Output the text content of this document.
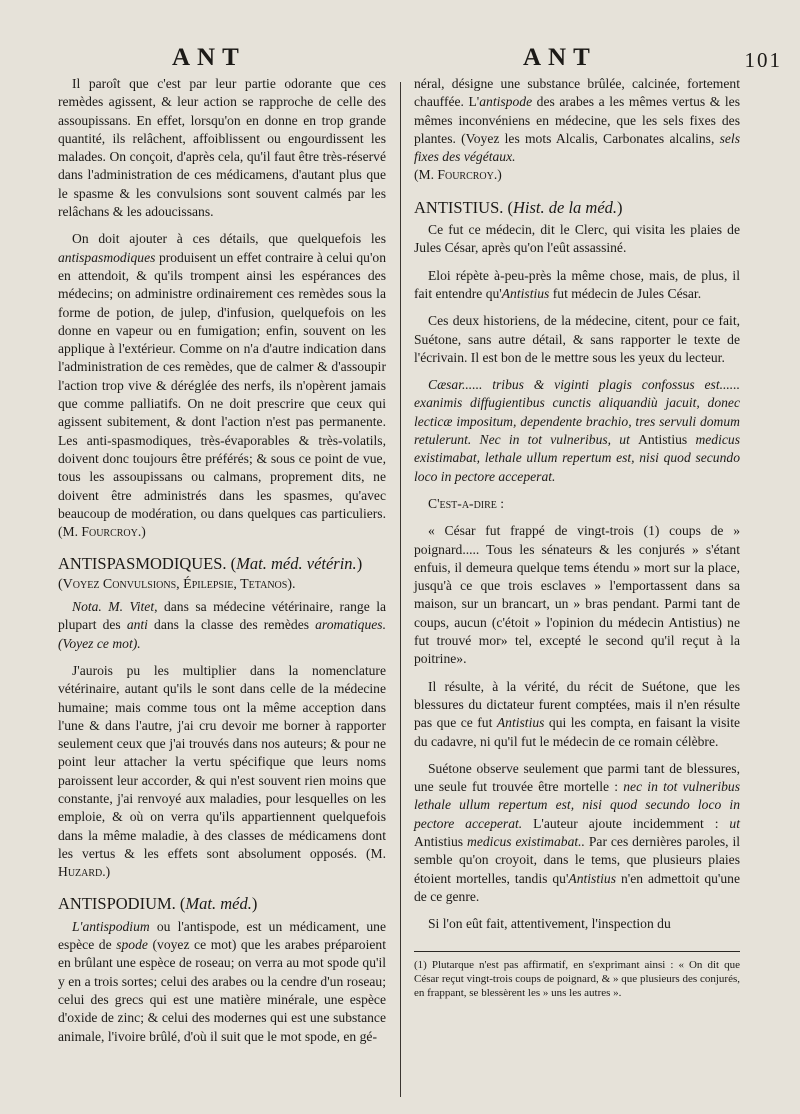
ANT	ANT	101

Il paroît que c'est par leur partie odorante que ces remèdes agissent, & leur action se rapproche de celle des assoupissans. En effet, lorsqu'on en donne en trop grande quantité, ils relâchent, affoiblissent ou engourdissent les malades. On conçoit, d'après cela, qu'il faut être très-réservé dans l'administration de ces médicamens, d'autant plus que le spasme & les convulsions sont souvent calmés par les relâchans & les adoucissans.

On doit ajouter à ces détails, que quelquefois les antispasmodiques produisent un effet contraire à celui qu'on en attendoit, & qu'ils trompent ainsi les espérances des médecins; on administre ordinairement ces remèdes sous la forme de potion, de julep, d'infusion, quelquefois on les donne en vapeur ou en fumigation; enfin, souvent on les applique à l'extérieur. Comme on n'a d'autre indication dans l'administration de ces remèdes, que de calmer & d'assoupir l'action trop vive & déréglée des nerfs, ils n'opèrent jamais que comme palliatifs. On ne doit prescrire que ceux qui agissent subitement, & dont l'action n'est pas permanente. Les anti-spasmodiques, très-évaporables & très-volatils, doivent donc toujours être préférés; & sous ce point de vue, tous les assoupissans ou calmans, proprement dits, ne doivent être administrés dans les spasmes, qu'avec beaucoup de modération, ou dans quelques cas particuliers. (M. Fourcroy.)

ANTISPASMODIQUES. (Mat. méd. vétérin.)
(Voyez Convulsions, Épilepsie, Tetanos).

Nota. M. Vitet, dans sa médecine vétérinaire, range la plupart des anti dans la classe des remèdes aromatiques. (Voyez ce mot).

J'aurois pu les multiplier dans la nomenclature vétérinaire, autant qu'ils le sont dans celle de la médecine humaine; mais comme tous ont la même acception dans l'une & dans l'autre, j'ai cru devoir me borner à rapporter seulement ceux que j'ai trouvés dans nos auteurs; & pour ne point leur attacher la vertu spécifique que leurs noms paroissent leur accorder, & qui n'est souvent rien moins que constante, j'ai renvoyé aux maladies, pour lesquelles on les emploie, & où on verra qu'ils appartiennent quelquefois dans la même maladie, à des classes de médicamens dont les vertus & les effets sont absolument opposés. (M. Huzard.)

ANTISPODIUM. (Mat. méd.)

L'antispodium ou l'antispode, est un médicament, une espèce de spode (voyez ce mot) que les arabes préparoient en brûlant une espèce de roseau; on verra au mot spode qu'il y en a trois sortes; celui des arabes ou la cendre d'un roseau; celui des grecs qui est une matière minérale, une espèce d'oxide de zinc; & celui des modernes qui est une substance animale, l'ivoire brûlé, d'où il suit que le mot spode, en gé-

néral, désigne une substance brûlée, calcinée, fortement chauffée. L'antispode des arabes a les mêmes vertus & les mêmes inconvéniens en médecine, que les sels fixes des plantes. (Voyez les mots Alcalis, Carbonates alcalins, sels fixes des végétaux.
(M. Fourcroy.)

ANTISTIUS. (Hist. de la méd.)

Ce fut ce médecin, dit le Clerc, qui visita les plaies de Jules César, après qu'on l'eût assassiné.

Eloi répète à-peu-près la même chose, mais, de plus, il fait entendre qu'Antistius fut médecin de Jules César.

Ces deux historiens, de la médecine, citent, pour ce fait, Suétone, sans autre détail, & sans rapporter le texte de l'écrivain. Il est bon de le mettre sous les yeux du lecteur.

Cæsar...... tribus & viginti plagis confossus est...... exanimis diffugientibus cunctis aliquandiù jacuit, donec lecticæ impositum, dependente brachio, tres servuli domum retulerunt. Nec in tot vulneribus, ut Antistius medicus existimabat, lethale ullum repertum est, nisi quod secundo loco in pectore acceperat.

C'est-a-dire :

« César fut frappé de vingt-trois (1) coups de » poignard..... Tous les sénateurs & les conjurés » s'étant enfuis, il demeura quelque tems étendu » mort sur la place, jusqu'à ce que trois esclaves » l'emportassent dans sa maison, sur un brancart, un » bras pendant. Parmi tant de coups, aucun (c'étoit » l'opinion du médecin Antistius) ne fut trouvé mor» tel, excepté le second qu'il reçut à la poitrine».

Il résulte, à la vérité, du récit de Suétone, que les blessures du dictateur furent comptées, mais il n'en résulte pas que ce fut Antistius qui les compta, en faisant la visite du cadavre, ni qu'il fut le médecin de ce romain célèbre.

Suétone observe seulement que parmi tant de blessures, une seule fut trouvée être mortelle : nec in tot vulneribus lethale ullum repertum est, nisi quod secundo loco in pectore acceperat. L'auteur ajoute incidemment : ut Antistius medicus existimabat.. Par ces dernières paroles, il semble qu'on croyoit, dans le tems, que plusieurs plaies étoient mortelles, tandis qu'Antistius n'en admettoit qu'une de ce genre.

Si l'on eût fait, attentivement, l'inspection du

(1) Plutarque n'est pas affirmatif, en s'exprimant ainsi : « On dit que César reçut vingt-trois coups de poignard, & » que plusieurs des conjurés, en frappant, se blessèrent les » uns les autres ».
